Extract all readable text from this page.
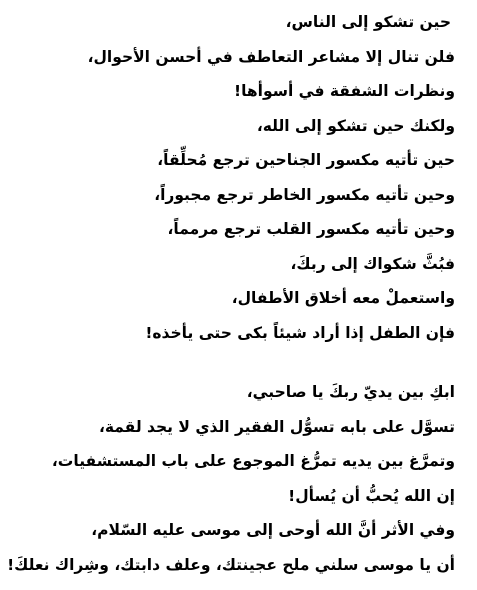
حين تشكو إلى الناس،
فلن تنال إلا مشاعر التعاطف في أحسن الأحوال،
ونظرات الشفقة في أسوأها!
ولكنك حين تشكو إلى الله،
حين تأتيه مكسور الجناحين ترجع مُحلِّقاً،
وحين تأتيه مكسور الخاطر ترجع مجبوراً،
وحين تأتيه مكسور القلب ترجع مرمماً،
فبُثَّ شكواك إلى ربكَ،
واستعملْ معه أخلاق الأطفال،
فإن الطفل إذا أراد شيئاً بكى حتى يأخذه!
ابكِ بين يديّ ربكَ يا صاحبي،
تسوَّل على بابه تسوُّل الفقير الذي لا يجد لقمة،
وتمرَّغ بين يديه تمرُّغ الموجوع على باب المستشفيات،
إن الله يُحبُّ أن يُسأل!
وفي الأثر أنَّ الله أوحى إلى موسى عليه السّلام،
أن يا موسى سلني ملح عجينتك، وعلف دابتك، وشِراك نعلكَ!
